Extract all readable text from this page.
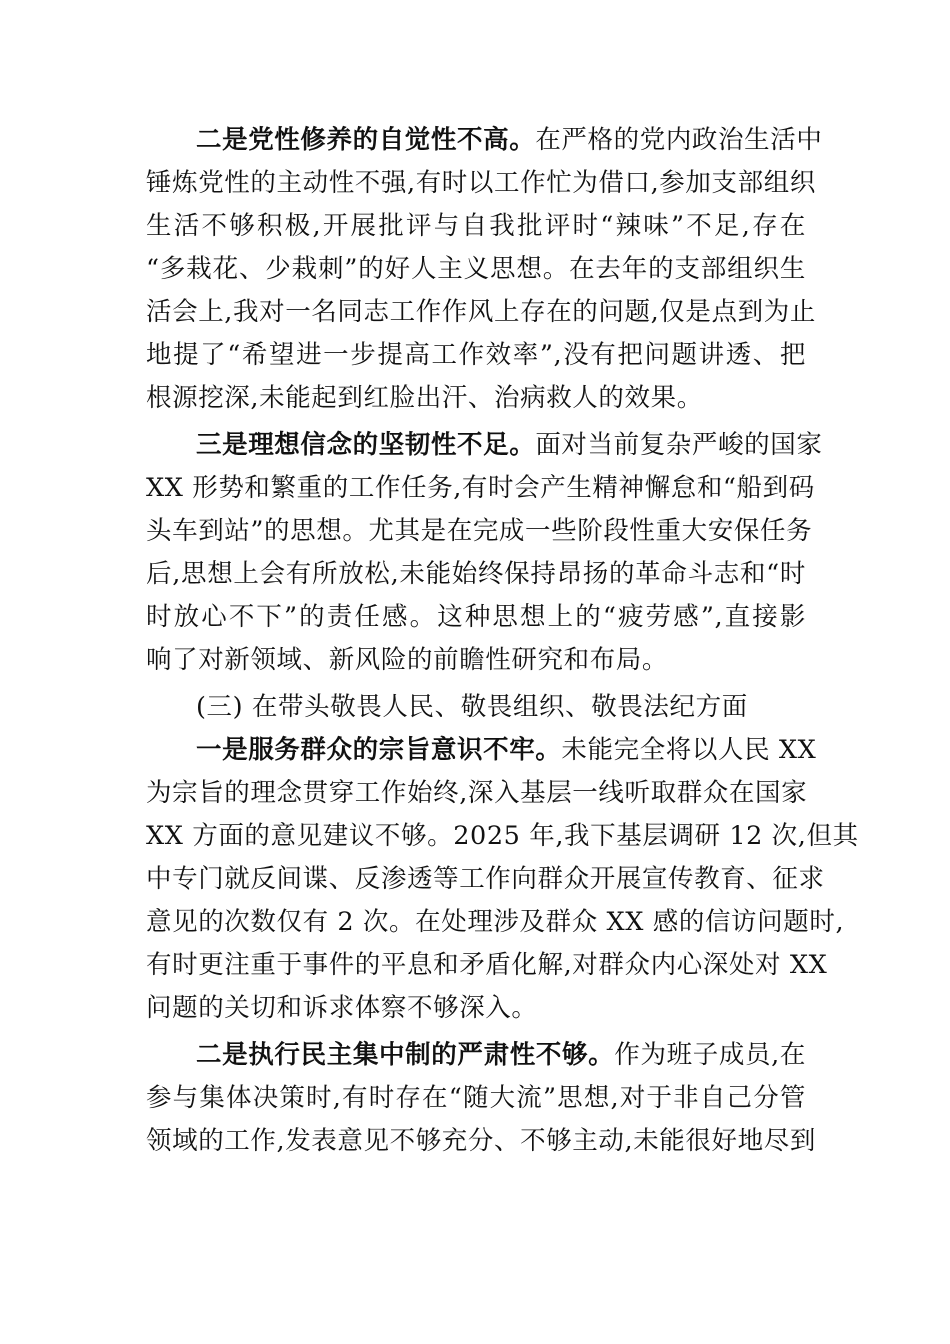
二是党性修养的自觉性不高。在严格的党内政治生活中
锤炼党性的主动性不强,有时以工作忙为借口,参加支部组织
生活不够积极,开展批评与自我批评时“辣味”不足,存在
“多栽花、少栽刺”的好人主义思想。在去年的支部组织生
活会上,我对一名同志工作作风上存在的问题,仅是点到为止
地提了“希望进一步提高工作效率”,没有把问题讲透、把
根源挖深,未能起到红脸出汗、治病救人的效果。
三是理想信念的坚韧性不足。面对当前复杂严峻的国家
XX 形势和繁重的工作任务,有时会产生精神懈怠和“船到码
头车到站”的思想。尤其是在完成一些阶段性重大安保任务
后,思想上会有所放松,未能始终保持昂扬的革命斗志和“时
时放心不下”的责任感。这种思想上的“疲劳感”,直接影
响了对新领域、新风险的前瞻性研究和布局。
(三) 在带头敬畏人民、敬畏组织、敬畏法纪方面
一是服务群众的宗旨意识不牢。未能完全将以人民 XX
为宗旨的理念贯穿工作始终,深入基层一线听取群众在国家
XX 方面的意见建议不够。2025 年,我下基层调研 12 次,但其
中专门就反间谍、反渗透等工作向群众开展宣传教育、征求
意见的次数仅有 2 次。在处理涉及群众 XX 感的信访问题时,
有时更注重于事件的平息和矛盾化解,对群众内心深处对 XX
问题的关切和诉求体察不够深入。
二是执行民主集中制的严肃性不够。作为班子成员,在
参与集体决策时,有时存在“随大流”思想,对于非自己分管
领域的工作,发表意见不够充分、不够主动,未能很好地尽到
